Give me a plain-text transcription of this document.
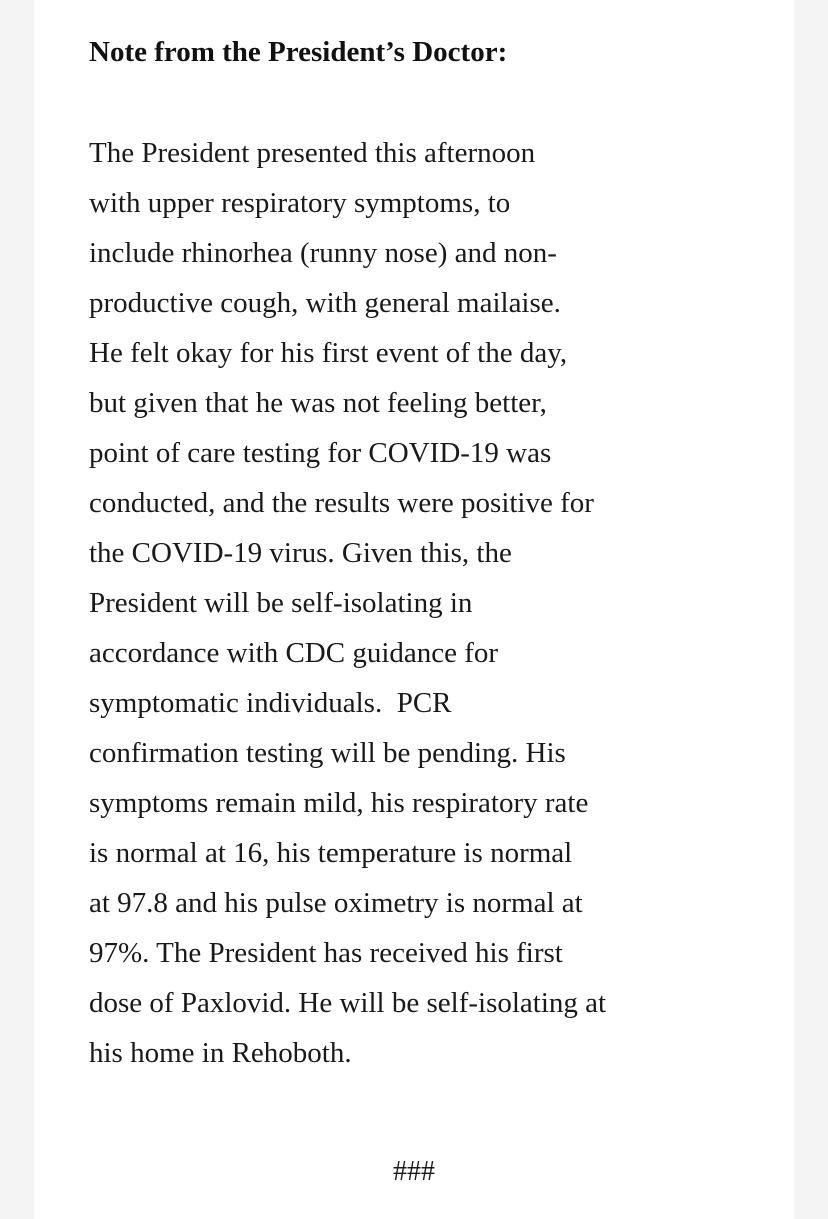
Note from the President’s Doctor:
The President presented this afternoon
with upper respiratory symptoms, to
include rhinorhea (runny nose) and non-
productive cough, with general mailaise.
He felt okay for his first event of the day,
but given that he was not feeling better,
point of care testing for COVID-19 was
conducted, and the results were positive for
the COVID-19 virus. Given this, the
President will be self-isolating in
accordance with CDC guidance for
symptomatic individuals.  PCR
confirmation testing will be pending. His
symptoms remain mild, his respiratory rate
is normal at 16, his temperature is normal
at 97.8 and his pulse oximetry is normal at
97%. The President has received his first
dose of Paxlovid. He will be self-isolating at
his home in Rehoboth.

###
